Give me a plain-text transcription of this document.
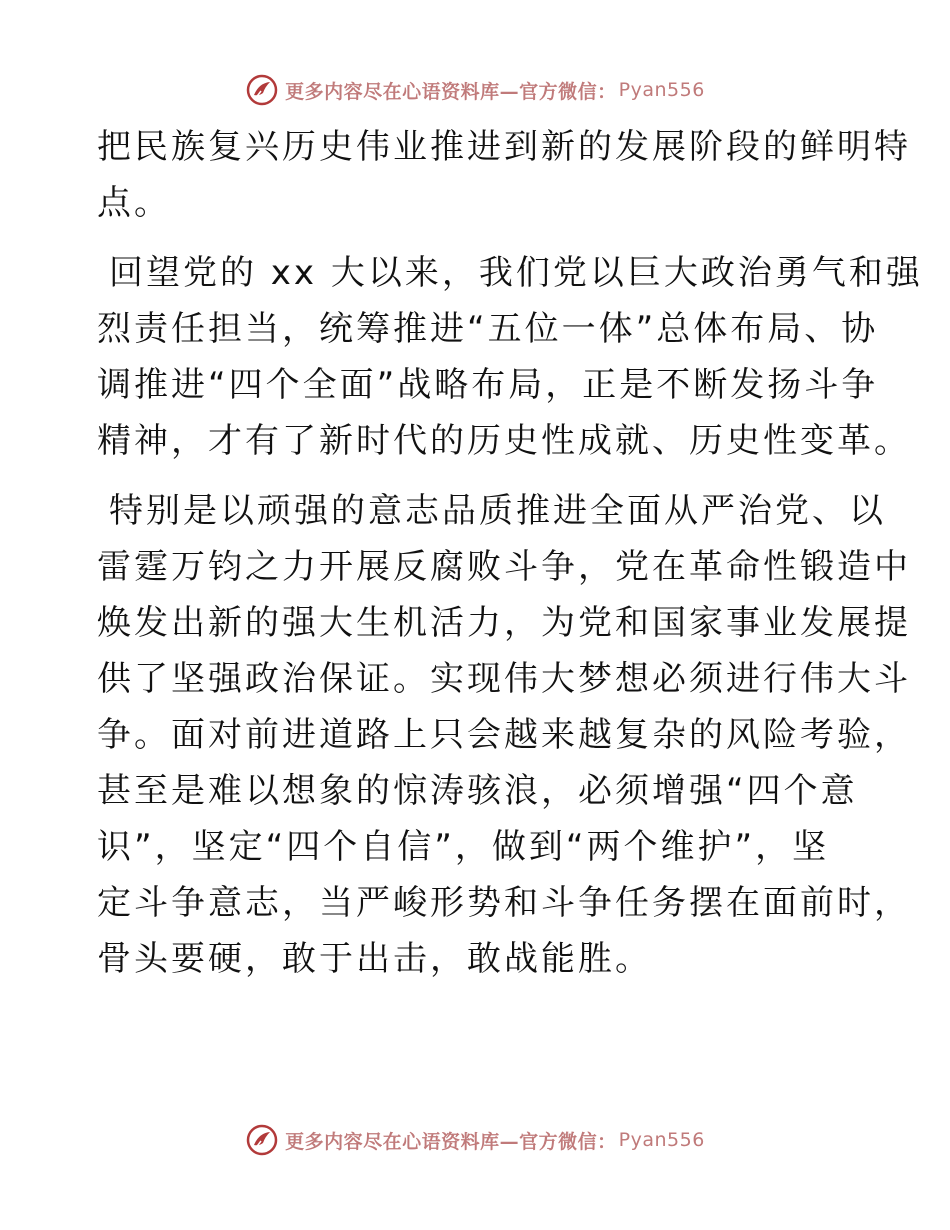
更多内容尽在心语资料库—官方微信： Pyan556

把民族复兴历史伟业推进到新的发展阶段的鲜明特
点。

回望党的 xx 大以来，我们党以巨大政治勇气和强
烈责任担当，统筹推进“五位一体”总体布局、协
调推进“四个全面”战略布局，正是不断发扬斗争
精神，才有了新时代的历史性成就、历史性变革。

特别是以顽强的意志品质推进全面从严治党、以
雷霆万钧之力开展反腐败斗争，党在革命性锻造中
焕发出新的强大生机活力，为党和国家事业发展提
供了坚强政治保证。实现伟大梦想必须进行伟大斗
争。面对前进道路上只会越来越复杂的风险考验，
甚至是难以想象的惊涛骇浪，必须增强“四个意
识”，坚定“四个自信”，做到“两个维护”，坚
定斗争意志，当严峻形势和斗争任务摆在面前时，
骨头要硬，敢于出击，敢战能胜。

更多内容尽在心语资料库—官方微信： Pyan556
